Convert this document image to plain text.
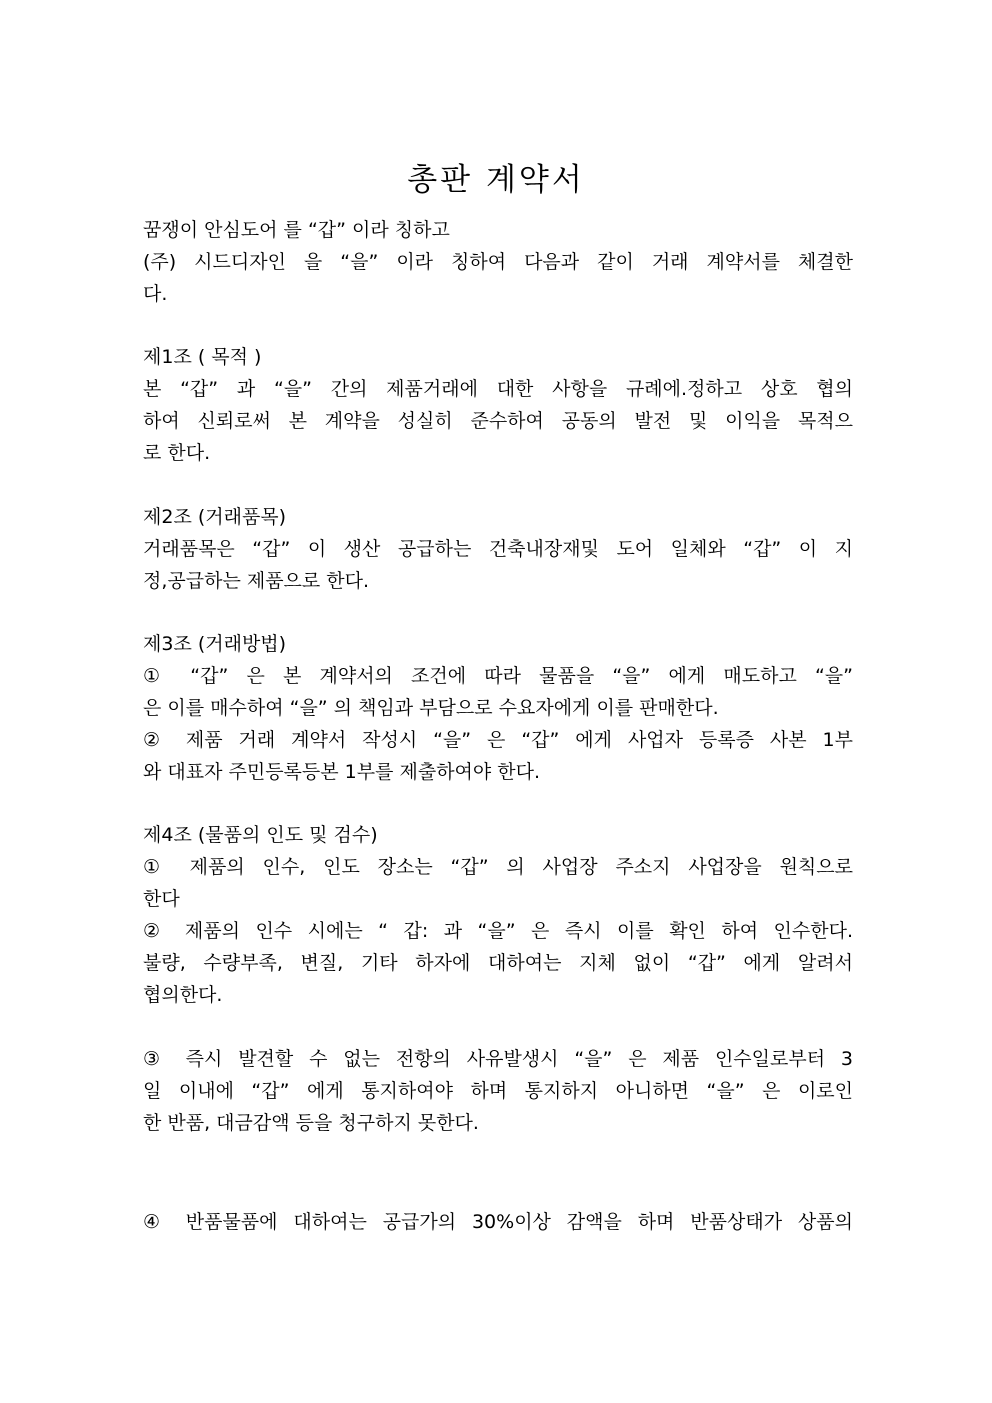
총판 계약서
꿈쟁이 안심도어 를 “갑” 이라 칭하고
(주) 시드디자인 을 “을” 이라 칭하여 다음과 같이 거래 계약서를 체결한
다.
제1조 ( 목적 )
본 “갑” 과 “을” 간의 제품거래에 대한 사항을 규례에.정하고 상호 협의
하여 신뢰로써 본 계약을 성실히 준수하여 공동의 발전 및 이익을 목적으
로 한다.
제2조 (거래품목)
거래품목은 “갑” 이 생산 공급하는 건축내장재및 도어 일체와 “갑” 이 지
정,공급하는 제품으로 한다.
제3조 (거래방법)
① “갑” 은 본 계약서의 조건에 따라 물품을 “을” 에게 매도하고 “을”
은 이를 매수하여 “을” 의 책임과 부담으로 수요자에게 이를 판매한다.
② 제품 거래 계약서 작성시 “을” 은 “갑” 에게 사업자 등록증 사본 1부
와 대표자 주민등록등본 1부를 제출하여야 한다.
제4조 (물품의 인도 및 검수)
① 제품의 인수, 인도 장소는 “갑” 의 사업장 주소지 사업장을 원칙으로
한다
② 제품의 인수 시에는 “ 갑: 과 “을” 은 즉시 이를 확인 하여 인수한다.
불량, 수량부족, 변질, 기타 하자에 대하여는 지체 없이 “갑” 에게 알려서
협의한다.
③ 즉시 발견할 수 없는 전항의 사유발생시 “을” 은 제품 인수일로부터 3
일 이내에 “갑” 에게 통지하여야 하며 통지하지 아니하면 “을” 은 이로인
한 반품, 대금감액 등을 청구하지 못한다.
④ 반품물품에 대하여는 공급가의 30%이상 감액을 하며 반품상태가 상품의
